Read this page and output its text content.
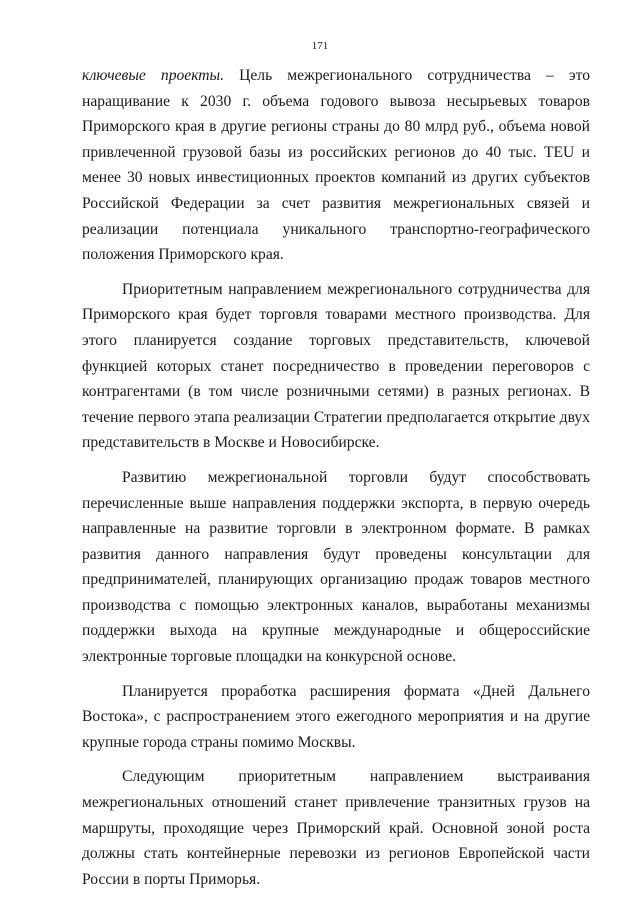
171

ключевые проекты. Цель межрегионального сотрудничества – это наращивание к 2030 г. объема годового вывоза несырьевых товаров Приморского края в другие регионы страны до 80 млрд руб., объема новой привлеченной грузовой базы из российских регионов до 40 тыс. TEU и менее 30 новых инвестиционных проектов компаний из других субъектов Российской Федерации за счет развития межрегиональных связей и реализации потенциала уникального транспортно-географического положения Приморского края.

Приоритетным направлением межрегионального сотрудничества для Приморского края будет торговля товарами местного производства. Для этого планируется создание торговых представительств, ключевой функцией которых станет посредничество в проведении переговоров с контрагентами (в том числе розничными сетями) в разных регионах. В течение первого этапа реализации Стратегии предполагается открытие двух представительств в Москве и Новосибирске.

Развитию межрегиональной торговли будут способствовать перечисленные выше направления поддержки экспорта, в первую очередь направленные на развитие торговли в электронном формате. В рамках развития данного направления будут проведены консультации для предпринимателей, планирующих организацию продаж товаров местного производства с помощью электронных каналов, выработаны механизмы поддержки выхода на крупные международные и общероссийские электронные торговые площадки на конкурсной основе.

Планируется проработка расширения формата «Дней Дальнего Востока», с распространением этого ежегодного мероприятия и на другие крупные города страны помимо Москвы.

Следующим приоритетным направлением выстраивания межрегиональных отношений станет привлечение транзитных грузов на маршруты, проходящие через Приморский край. Основной зоной роста должны стать контейнерные перевозки из регионов Европейской части России в порты Приморья.
